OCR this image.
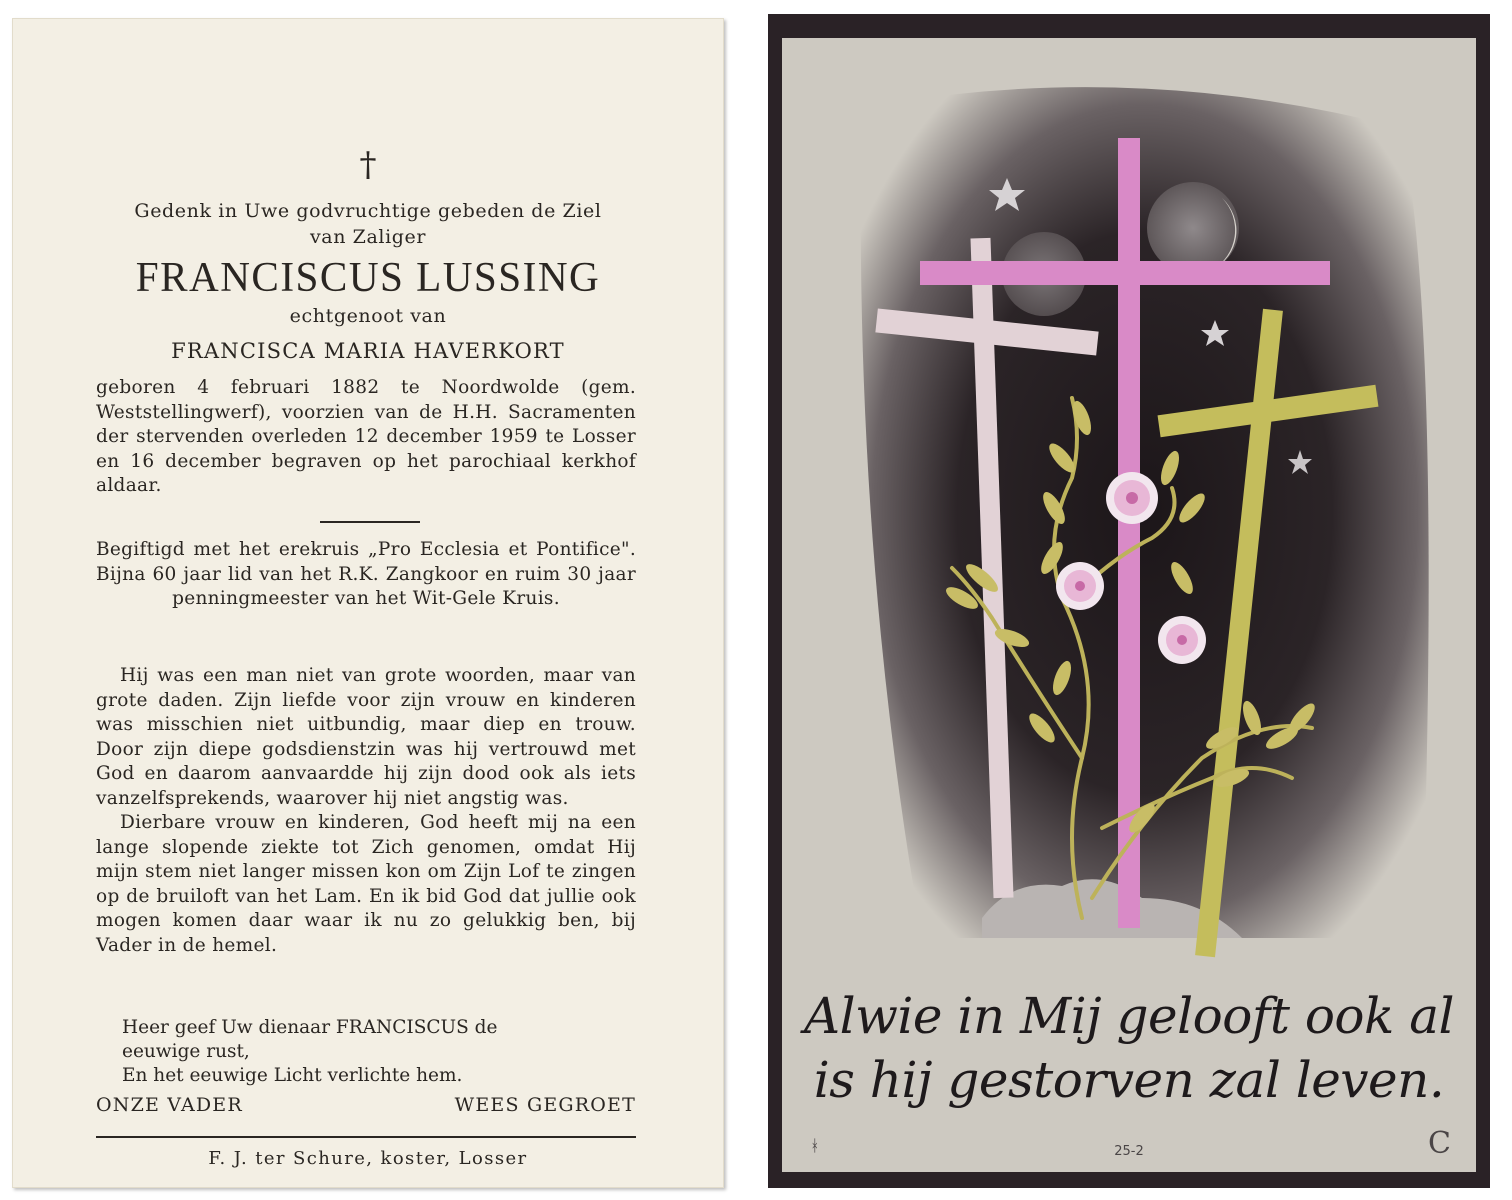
†
Gedenk in Uwe godvruchtige gebeden de Ziel
van Zaliger
FRANCISCUS LUSSING
echtgenoot van
FRANCISCA MARIA HAVERKORT

geboren 4 februari 1882 te Noordwolde (gem. Weststellingwerf), voorzien van de H.H. Sacramenten der stervenden overleden 12 december 1959 te Losser en 16 december begraven op het parochiaal kerkhof aldaar.

Begiftigd met het erekruis „Pro Ecclesia et Pontifice". Bijna 60 jaar lid van het R.K. Zangkoor en ruim 30 jaar penningmeester van het Wit-Gele Kruis.

Hij was een man niet van grote woorden, maar van grote daden. Zijn liefde voor zijn vrouw en kinderen was misschien niet uitbundig, maar diep en trouw. Door zijn diepe godsdienstzin was hij vertrouwd met God en daarom aanvaardde hij zijn dood ook als iets vanzelfsprekends, waarover hij niet angstig was.

Dierbare vrouw en kinderen, God heeft mij na een lange slopende ziekte tot Zich genomen, omdat Hij mijn stem niet langer missen kon om Zijn Lof te zingen op de bruiloft van het Lam. En ik bid God dat jullie ook mogen komen daar waar ik nu zo gelukkig ben, bij Vader in de hemel.

Heer geef Uw dienaar FRANCISCUS de
eeuwige rust,
En het eeuwige Licht verlichte hem.
ONZE VADER	WEES GEGROET
F. J. ter Schure, koster, Losser
Alwie in Mij gelooft ook al
is hij gestorven zal leven.
ᚼ	25-2	C
